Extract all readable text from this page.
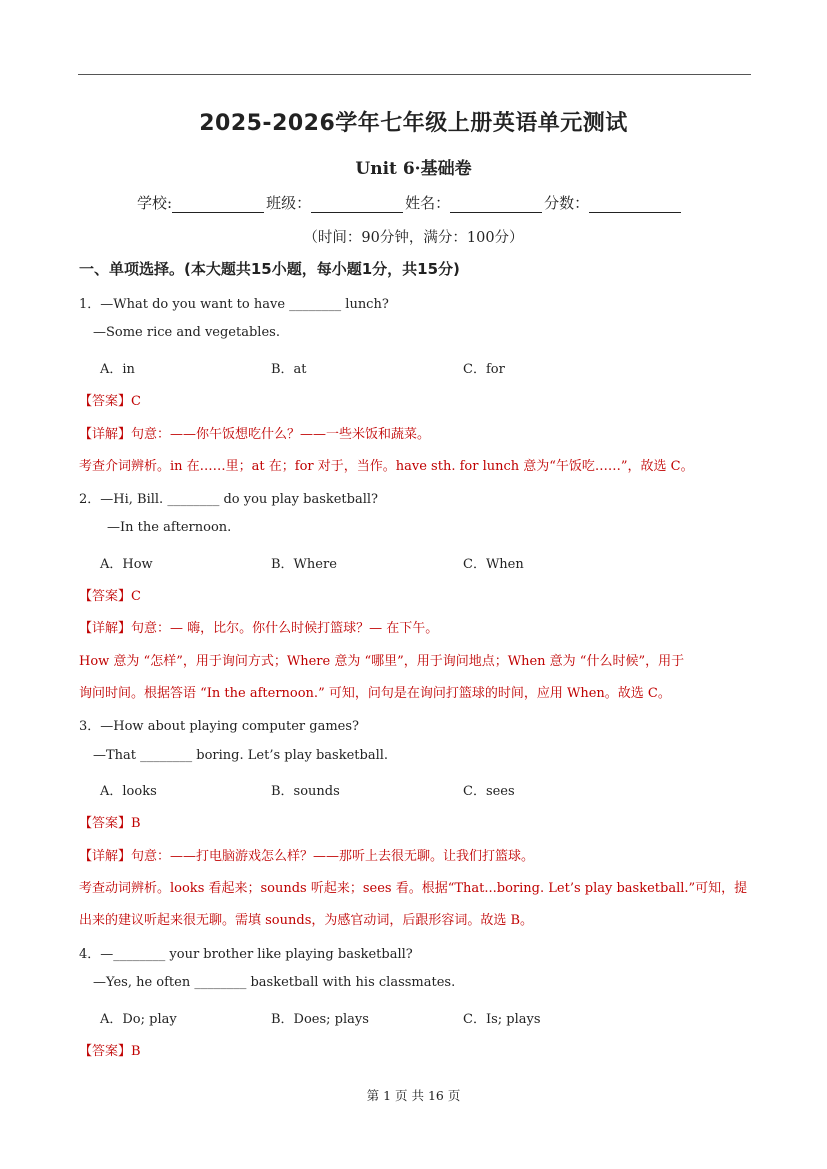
2025-2026学年七年级上册英语单元测试
Unit 6·基础卷
学校:	班级：	姓名：	分数：
（时间：90分钟，满分：100分）
一、单项选择。(本大题共15小题，每小题1分，共15分)
1．—What do you want to have ________ lunch?
—Some rice and vegetables.
A．in	B．at	C．for
【答案】C
【详解】句意：——你午饭想吃什么？——一些米饭和蔬菜。
考查介词辨析。in 在……里；at 在；for 对于，当作。have sth. for lunch 意为“午饭吃……”，故选 C。
2．—Hi, Bill. ________ do you play basketball?
—In the afternoon.
A．How	B．Where	C．When
【答案】C
【详解】句意：— 嗨，比尔。你什么时候打篮球？— 在下午。
How 意为 “怎样”，用于询问方式；Where 意为 “哪里”，用于询问地点；When 意为 “什么时候”，用于
询问时间。根据答语 “In the afternoon.” 可知，问句是在询问打篮球的时间，应用 When。故选 C。
3．—How about playing computer games?
—That ________ boring. Let’s play basketball.
A．looks	B．sounds	C．sees
【答案】B
【详解】句意：——打电脑游戏怎么样？——那听上去很无聊。让我们打篮球。
考查动词辨析。looks 看起来；sounds 听起来；sees 看。根据“That...boring. Let’s play basketball.”可知，提
出来的建议听起来很无聊。需填 sounds，为感官动词，后跟形容词。故选 B。
4．—________ your brother like playing basketball?
—Yes, he often ________ basketball with his classmates.
A．Do; play	B．Does; plays	C．Is; plays
【答案】B
第 1 页 共 16 页
